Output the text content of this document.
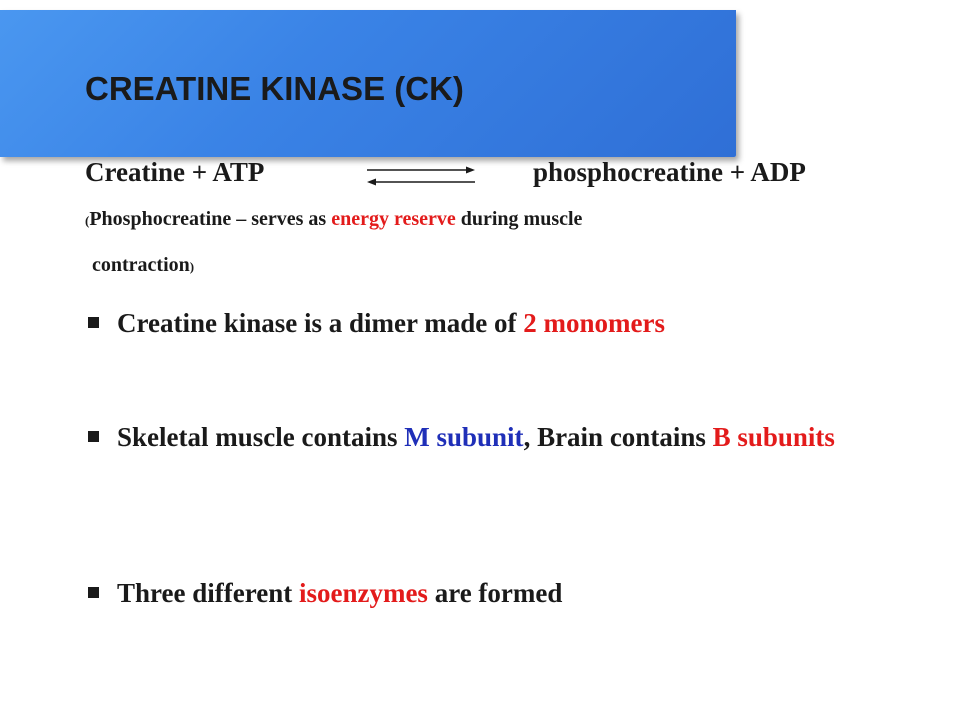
CREATINE KINASE (CK)
Creatine + ATP	phosphocreatine + ADP
(Phosphocreatine – serves as energy reserve during muscle
contraction)
Creatine kinase is a dimer made of 2 monomers
Skeletal muscle contains M subunit, Brain contains B subunits
Three different isoenzymes are formed
